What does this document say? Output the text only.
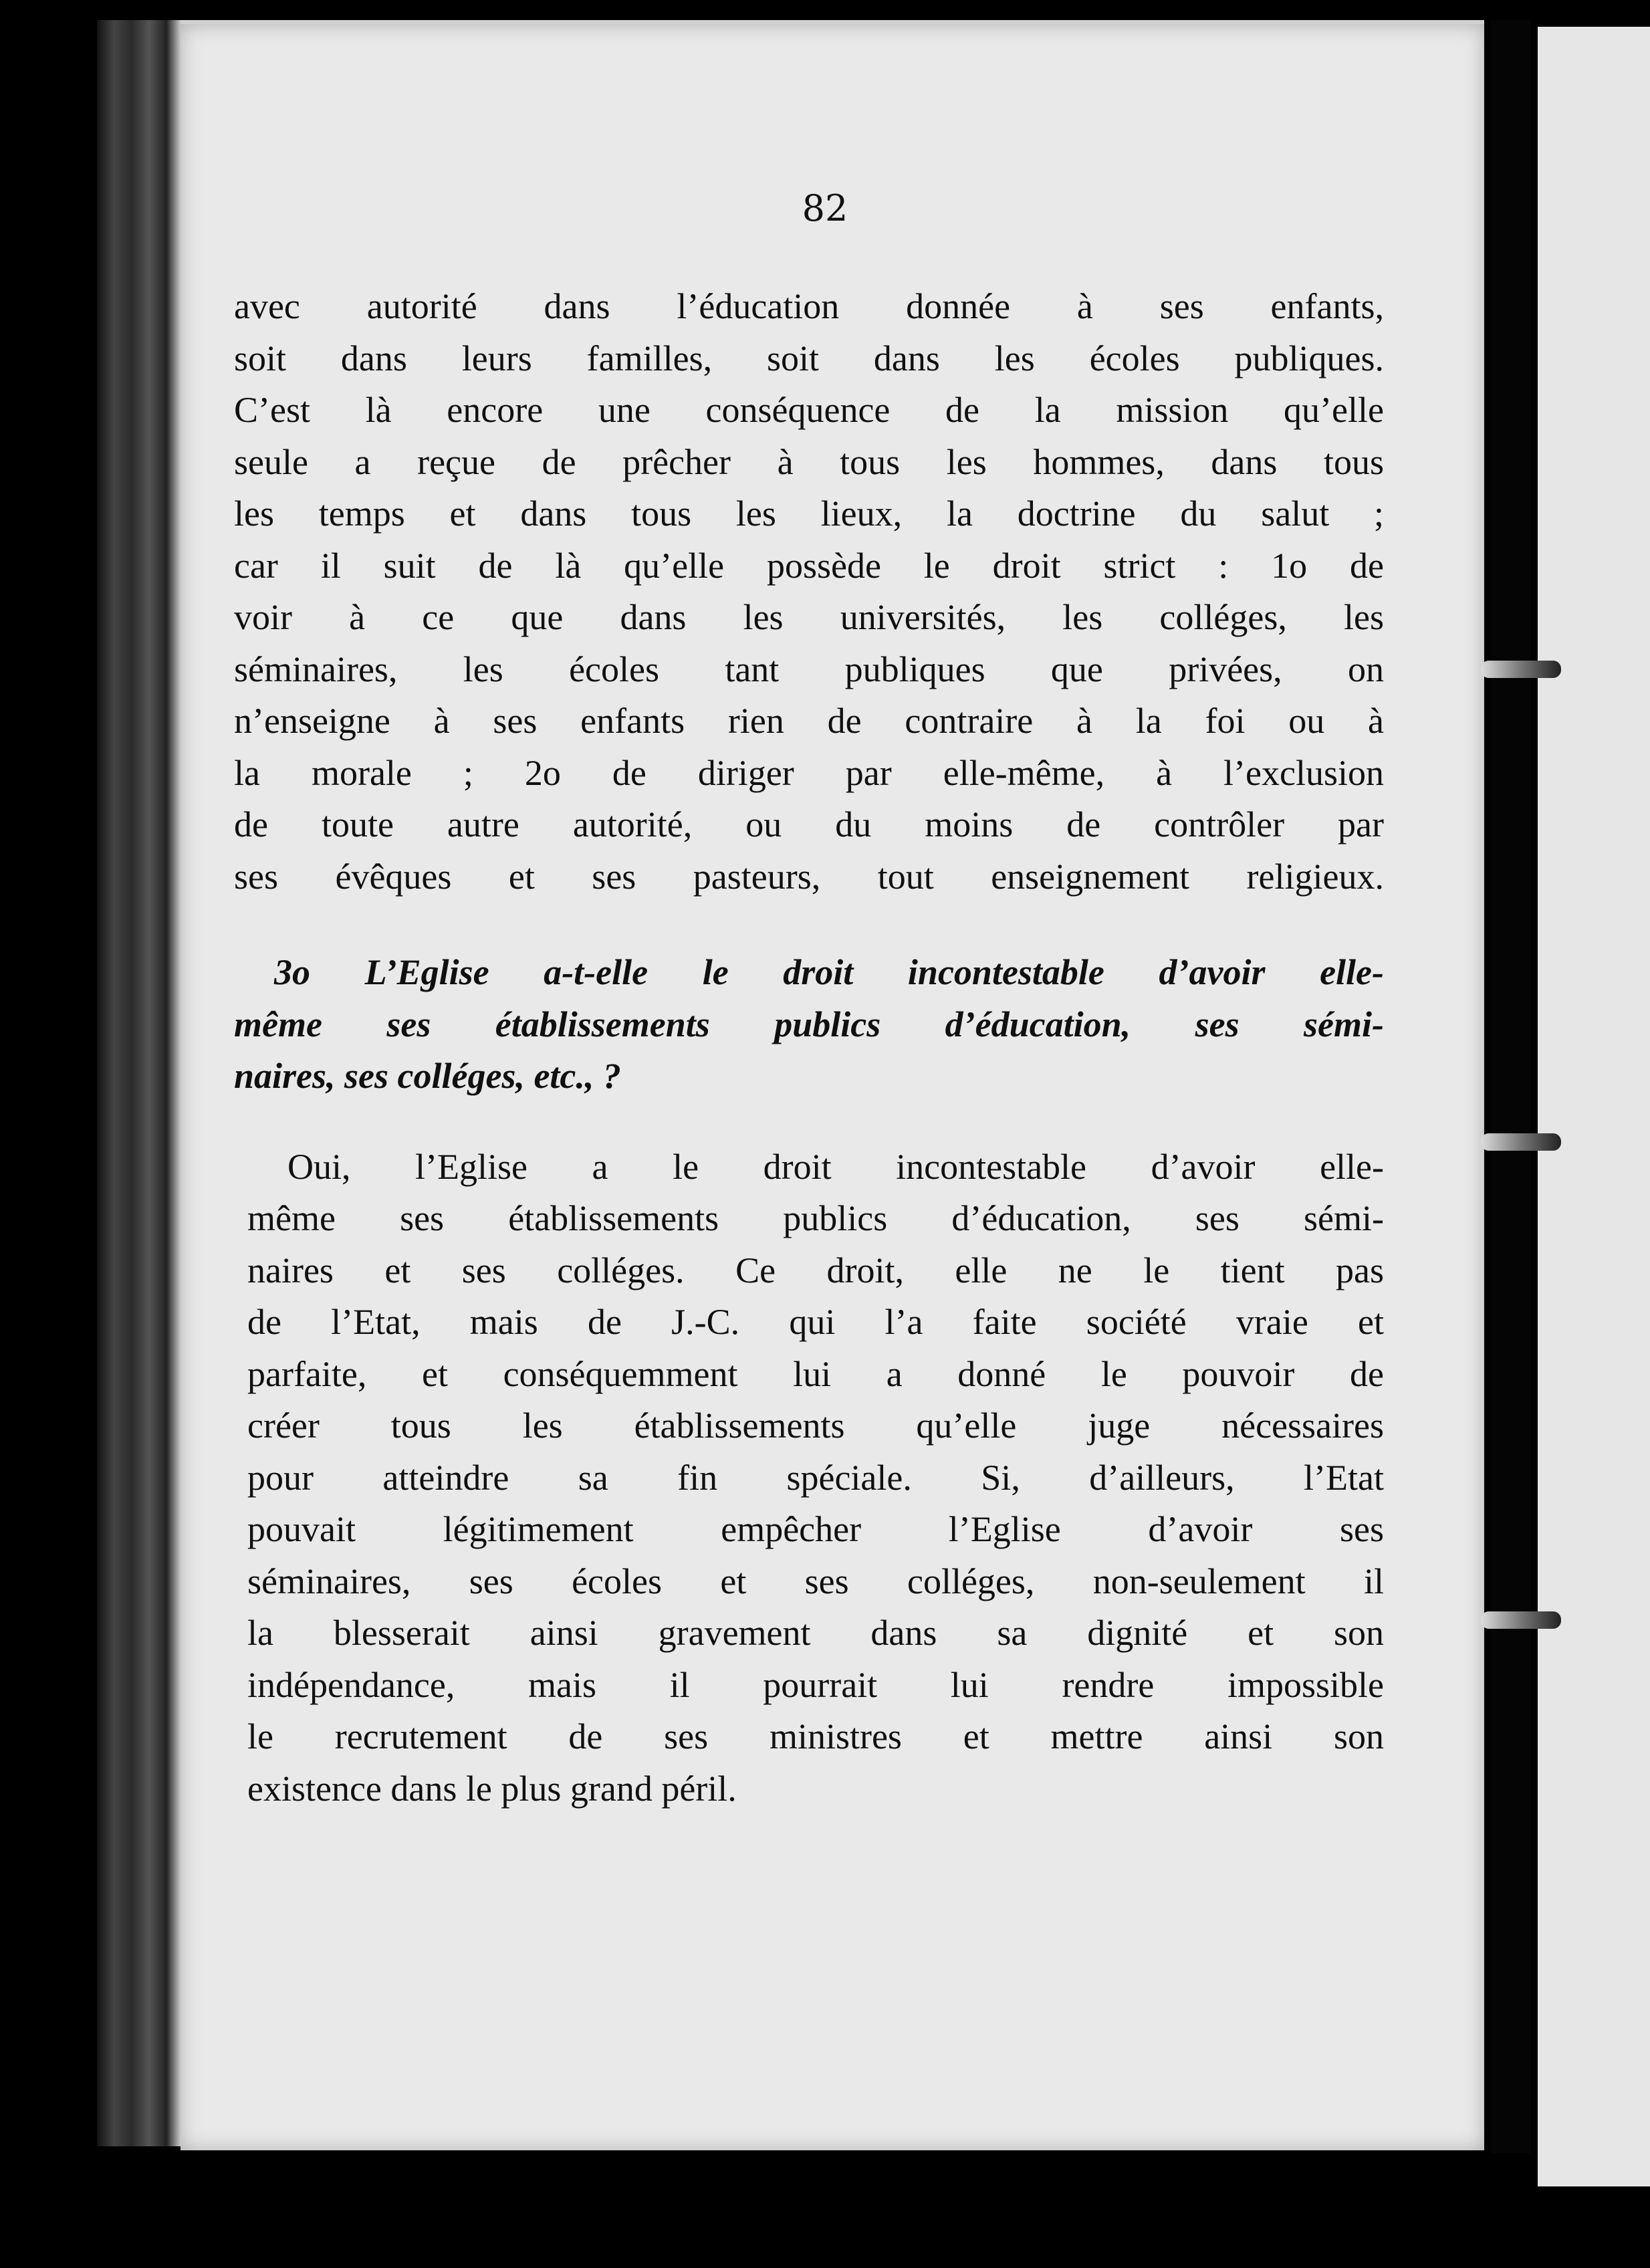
82
avec autorité dans l’éducation donnée à ses enfants,
soit dans leurs familles, soit dans les écoles publiques.
C’est là encore une conséquence de la mission qu’elle
seule a reçue de prêcher à tous les hommes, dans tous
les temps et dans tous les lieux, la doctrine du salut ;
car il suit de là qu’elle possède le droit strict : 1o de
voir à ce que dans les universités, les colléges, les
séminaires, les écoles tant publiques que privées, on
n’enseigne à ses enfants rien de contraire à la foi ou à
la morale ; 2o de diriger par elle-même, à l’exclusion
de toute autre autorité, ou du moins de contrôler par
ses évêques et ses pasteurs, tout enseignement religieux.
3o L’Eglise a-t-elle le droit incontestable d’avoir elle-
même ses établissements publics d’éducation, ses sémi-
naires, ses colléges, etc., ?
Oui, l’Eglise a le droit incontestable d’avoir elle-
même ses établissements publics d’éducation, ses sémi-
naires et ses colléges. Ce droit, elle ne le tient pas
de l’Etat, mais de J.-C. qui l’a faite société vraie et
parfaite, et conséquemment lui a donné le pouvoir de
créer tous les établissements qu’elle juge nécessaires
pour atteindre sa fin spéciale. Si, d’ailleurs, l’Etat
pouvait légitimement empêcher l’Eglise d’avoir ses
séminaires, ses écoles et ses colléges, non-seulement il
la blesserait ainsi gravement dans sa dignité et son
indépendance, mais il pourrait lui rendre impossible
le recrutement de ses ministres et mettre ainsi son
existence dans le plus grand péril.
